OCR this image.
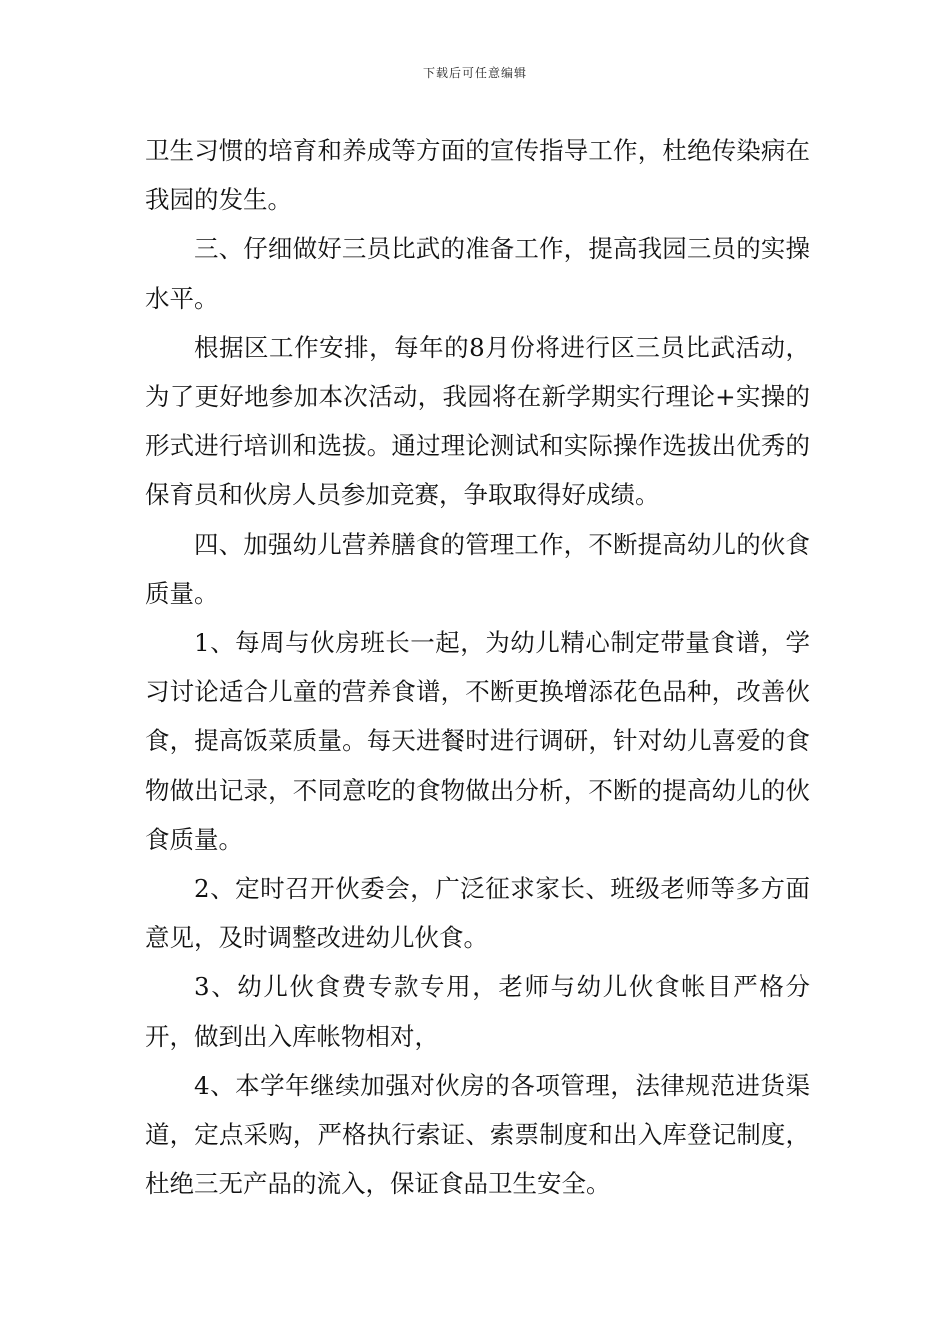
下载后可任意编辑

卫生习惯的培育和养成等方面的宣传指导工作，杜绝传染病在我园的发生。

三、仔细做好三员比武的准备工作，提高我园三员的实操水平。

根据区工作安排，每年的8月份将进行区三员比武活动，为了更好地参加本次活动，我园将在新学期实行理论+实操的形式进行培训和选拔。通过理论测试和实际操作选拔出优秀的保育员和伙房人员参加竞赛，争取取得好成绩。

四、加强幼儿营养膳食的管理工作，不断提高幼儿的伙食质量。

1、每周与伙房班长一起，为幼儿精心制定带量食谱，学习讨论适合儿童的营养食谱，不断更换增添花色品种，改善伙食，提高饭菜质量。每天进餐时进行调研，针对幼儿喜爱的食物做出记录，不同意吃的食物做出分析，不断的提高幼儿的伙食质量。

2、定时召开伙委会，广泛征求家长、班级老师等多方面意见，及时调整改进幼儿伙食。

3、幼儿伙食费专款专用，老师与幼儿伙食帐目严格分开，做到出入库帐物相对，

4、本学年继续加强对伙房的各项管理，法律规范进货渠道，定点采购，严格执行索证、索票制度和出入库登记制度，杜绝三无产品的流入，保证食品卫生安全。
